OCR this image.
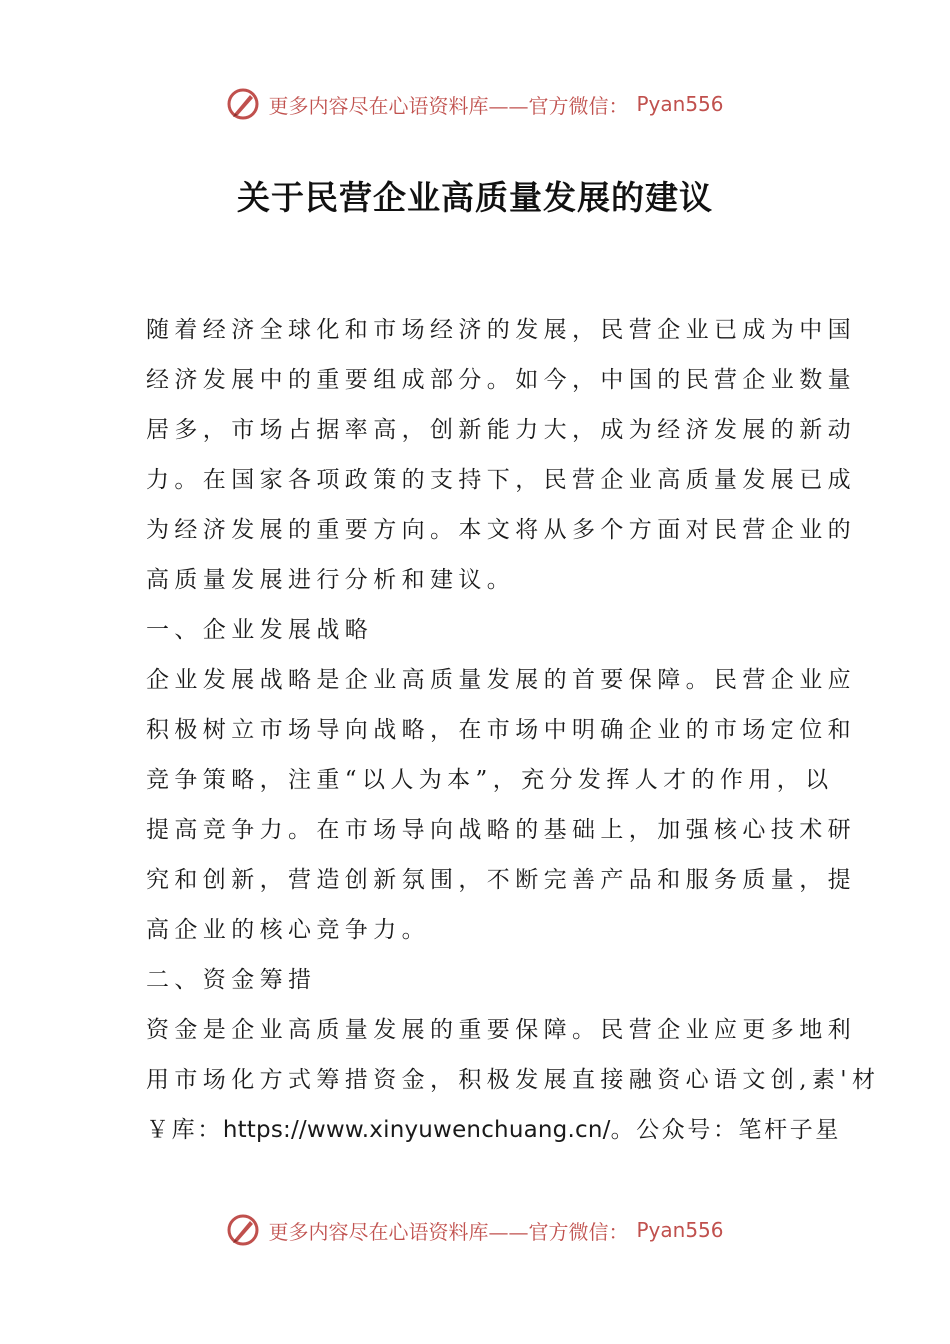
更多内容尽在心语资料库——官方微信： Pyan556
关于民营企业高质量发展的建议
随着经济全球化和市场经济的发展，民营企业已成为中国
经济发展中的重要组成部分。如今，中国的民营企业数量
居多，市场占据率高，创新能力大，成为经济发展的新动
力。在国家各项政策的支持下，民营企业高质量发展已成
为经济发展的重要方向。本文将从多个方面对民营企业的
高质量发展进行分析和建议。
一、企业发展战略
企业发展战略是企业高质量发展的首要保障。民营企业应
积极树立市场导向战略，在市场中明确企业的市场定位和
竞争策略，注重“以人为本”，充分发挥人才的作用，以
提高竞争力。在市场导向战略的基础上，加强核心技术研
究和创新，营造创新氛围，不断完善产品和服务质量，提
高企业的核心竞争力。
二、资金筹措
资金是企业高质量发展的重要保障。民营企业应更多地利
用市场化方式筹措资金，积极发展直接融资心语文创,素'材
￥库：https://www.xinyuwenchuang.cn/。公众号：笔杆子星
更多内容尽在心语资料库——官方微信： Pyan556
